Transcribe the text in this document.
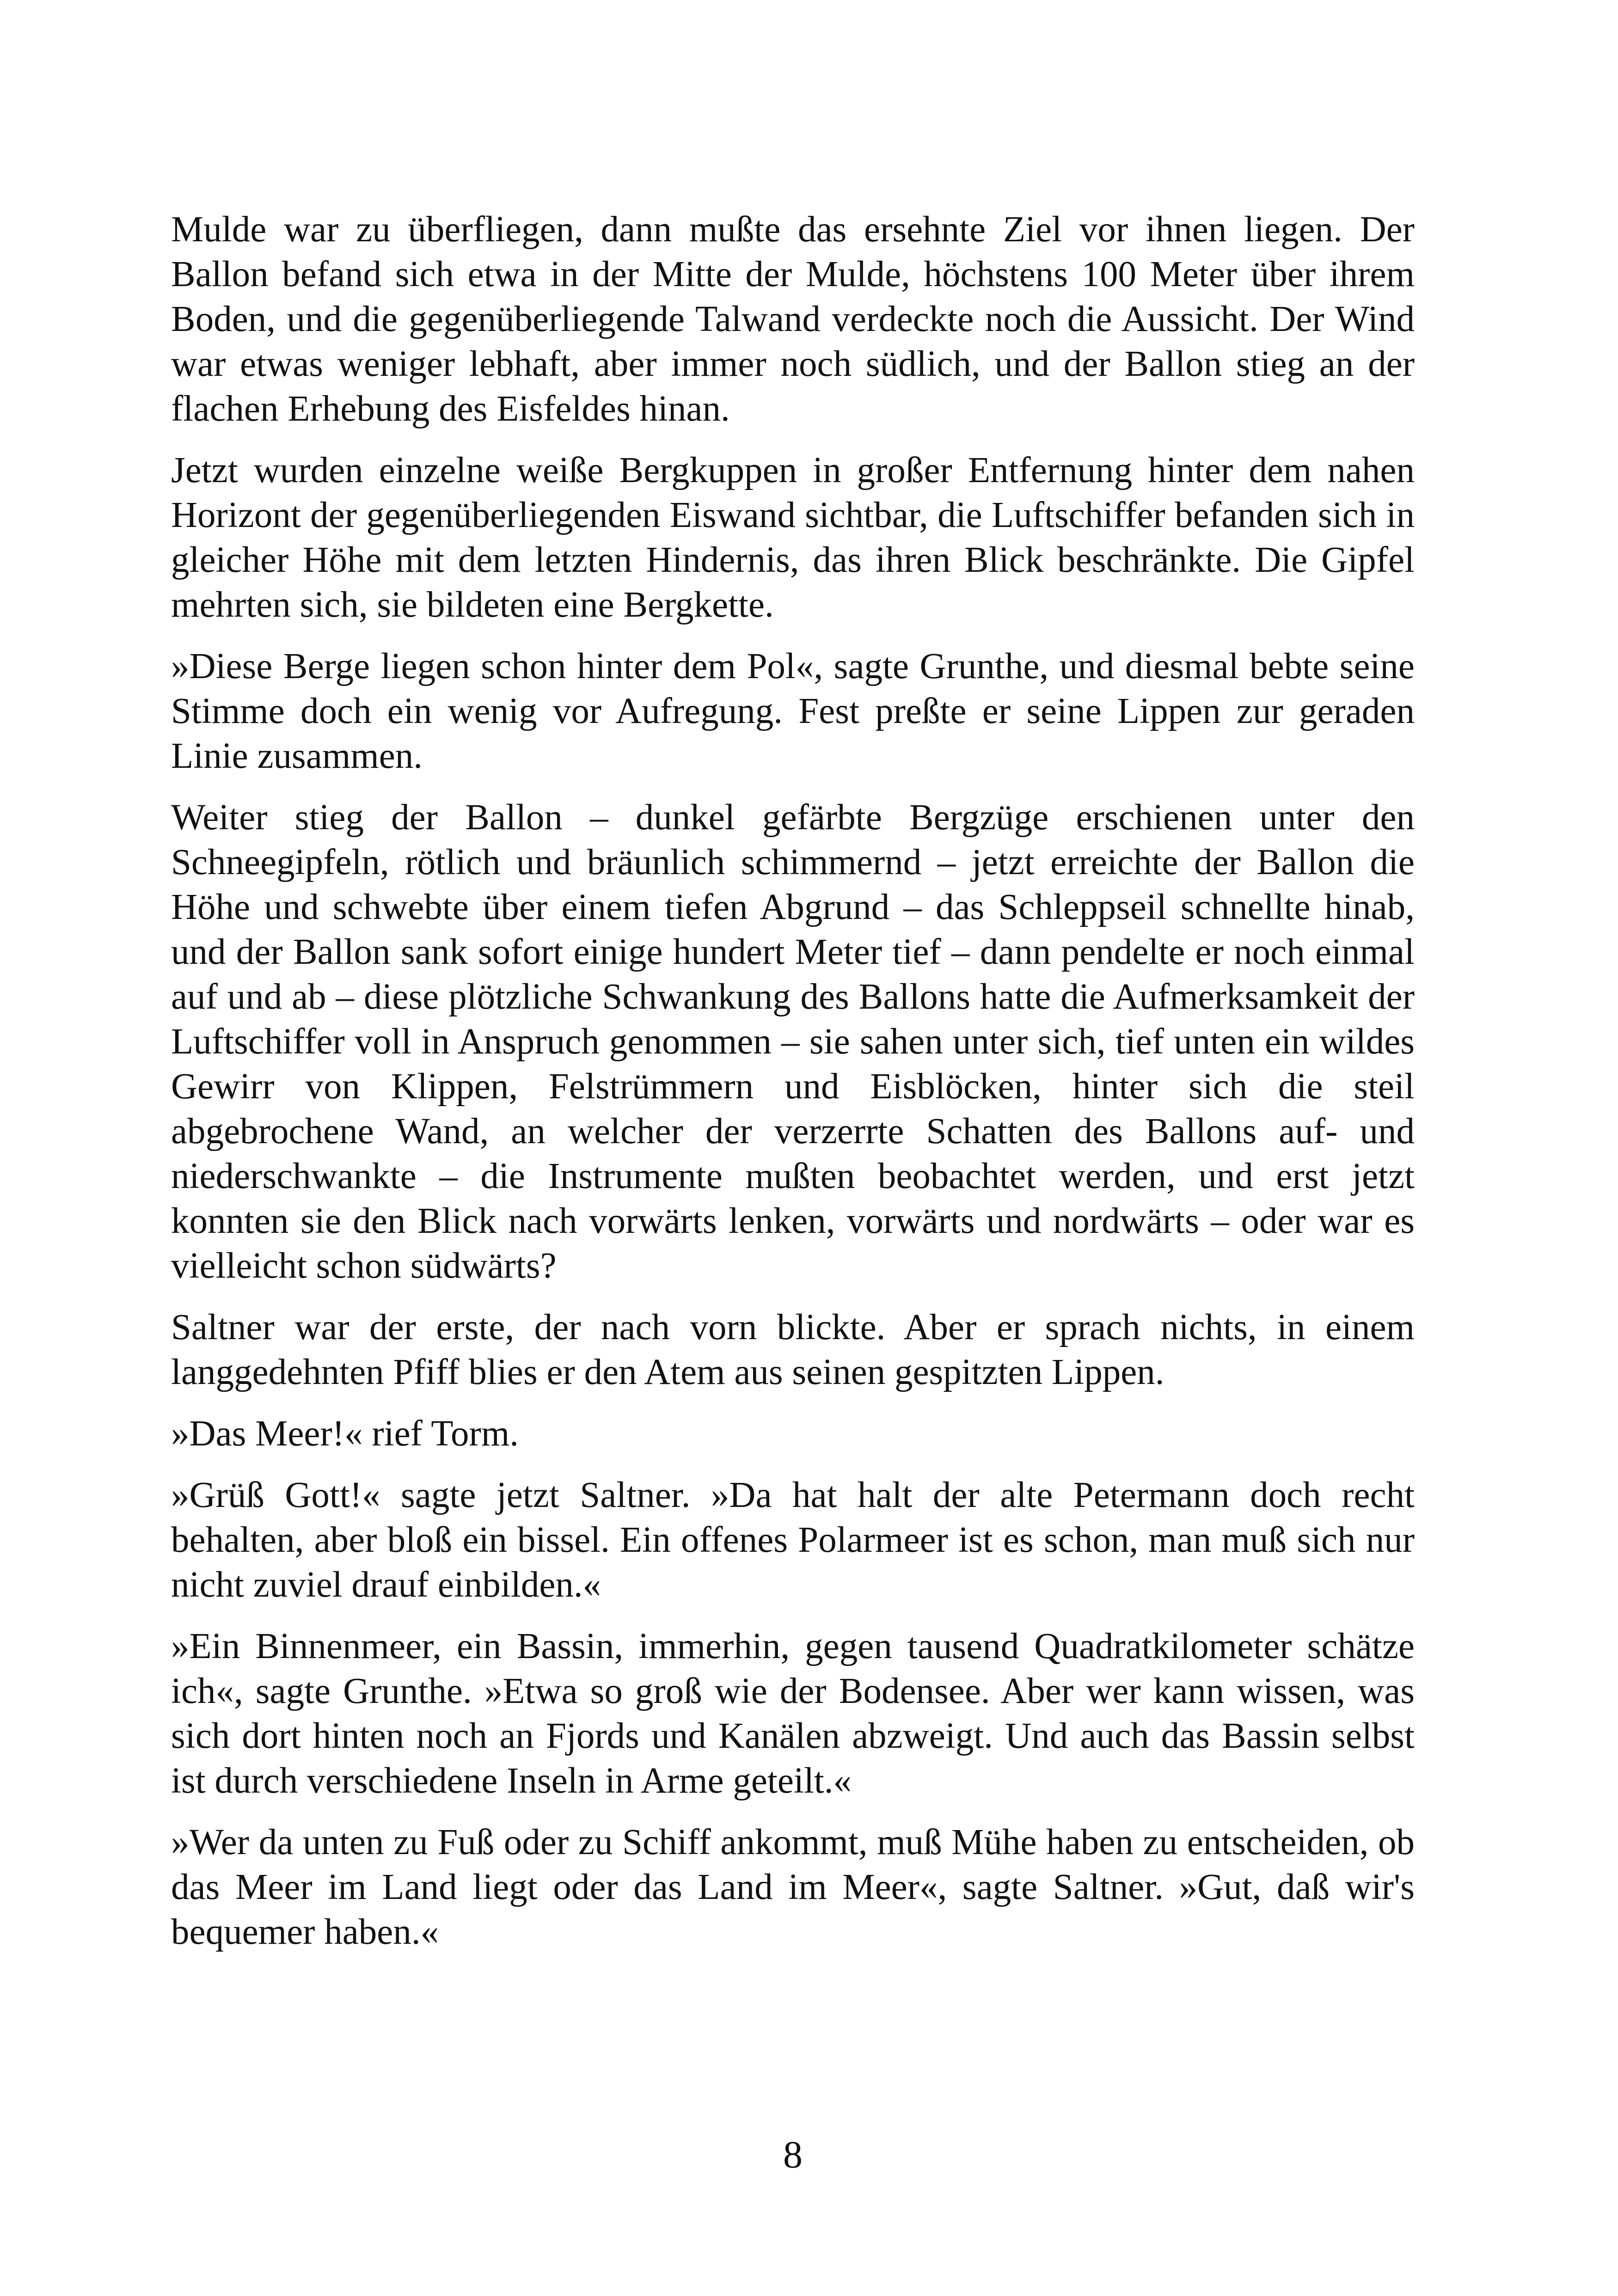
Mulde war zu überfliegen, dann mußte das ersehnte Ziel vor ihnen liegen. Der Ballon befand sich etwa in der Mitte der Mulde, höchstens 100 Meter über ihrem Boden, und die gegenüberliegende Talwand verdeckte noch die Aussicht. Der Wind war etwas weniger lebhaft, aber immer noch südlich, und der Ballon stieg an der flachen Erhebung des Eisfeldes hinan.

Jetzt wurden einzelne weiße Bergkuppen in großer Entfernung hinter dem nahen Horizont der gegenüberliegenden Eiswand sichtbar, die Luftschiffer befanden sich in gleicher Höhe mit dem letzten Hindernis, das ihren Blick beschränkte. Die Gipfel mehrten sich, sie bildeten eine Bergkette.

»Diese Berge liegen schon hinter dem Pol«, sagte Grunthe, und diesmal bebte seine Stimme doch ein wenig vor Aufregung. Fest preßte er seine Lippen zur geraden Linie zusammen.

Weiter stieg der Ballon – dunkel gefärbte Bergzüge erschienen unter den Schneegipfeln, rötlich und bräunlich schimmernd – jetzt erreichte der Ballon die Höhe und schwebte über einem tiefen Abgrund – das Schleppseil schnellte hinab, und der Ballon sank sofort einige hundert Meter tief – dann pendelte er noch einmal auf und ab – diese plötzliche Schwankung des Ballons hatte die Aufmerksamkeit der Luftschiffer voll in Anspruch genommen – sie sahen unter sich, tief unten ein wildes Gewirr von Klippen, Felstrümmern und Eisblöcken, hinter sich die steil abgebrochene Wand, an welcher der verzerrte Schatten des Ballons auf- und niederschwankte – die Instrumente mußten beobachtet werden, und erst jetzt konnten sie den Blick nach vorwärts lenken, vorwärts und nordwärts – oder war es vielleicht schon südwärts?

Saltner war der erste, der nach vorn blickte. Aber er sprach nichts, in einem langgedehnten Pfiff blies er den Atem aus seinen gespitzten Lippen.

»Das Meer!« rief Torm.

»Grüß Gott!« sagte jetzt Saltner. »Da hat halt der alte Petermann doch recht behalten, aber bloß ein bissel. Ein offenes Polarmeer ist es schon, man muß sich nur nicht zuviel drauf einbilden.«

»Ein Binnenmeer, ein Bassin, immerhin, gegen tausend Quadratkilometer schätze ich«, sagte Grunthe. »Etwa so groß wie der Bodensee. Aber wer kann wissen, was sich dort hinten noch an Fjords und Kanälen abzweigt. Und auch das Bassin selbst ist durch verschiedene Inseln in Arme geteilt.«

»Wer da unten zu Fuß oder zu Schiff ankommt, muß Mühe haben zu entscheiden, ob das Meer im Land liegt oder das Land im Meer«, sagte Saltner. »Gut, daß wir's bequemer haben.«

8
